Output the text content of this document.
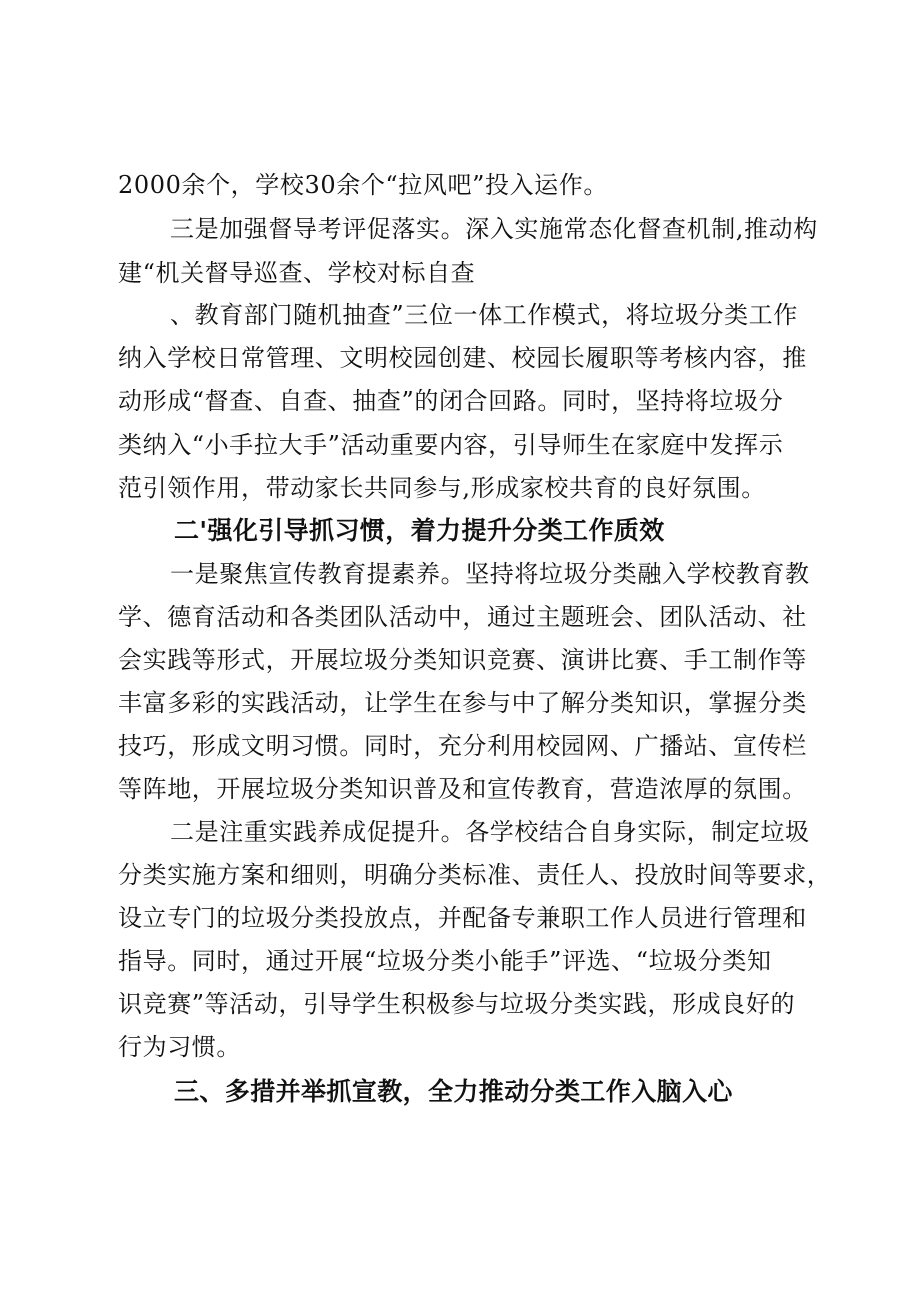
2000余个，学校30余个“拉风吧”投入运作。

三是加强督导考评促落实。深入实施常态化督查机制,推动构

建“机关督导巡查、学校对标自查

、教育部门随机抽查”三位一体工作模式，将垃圾分类工作

纳入学校日常管理、文明校园创建、校园长履职等考核内容，推

动形成“督查、自查、抽查”的闭合回路。同时，坚持将垃圾分

类纳入“小手拉大手”活动重要内容，引导师生在家庭中发挥示

范引领作用，带动家长共同参与,形成家校共育的良好氛围。

二'强化引导抓习惯，着力提升分类工作质效

一是聚焦宣传教育提素养。坚持将垃圾分类融入学校教育教

学、德育活动和各类团队活动中，通过主题班会、团队活动、社

会实践等形式，开展垃圾分类知识竞赛、演讲比赛、手工制作等

丰富多彩的实践活动，让学生在参与中了解分类知识，掌握分类

技巧，形成文明习惯。同时，充分利用校园网、广播站、宣传栏

等阵地，开展垃圾分类知识普及和宣传教育，营造浓厚的氛围。

二是注重实践养成促提升。各学校结合自身实际，制定垃圾

分类实施方案和细则，明确分类标准、责任人、投放时间等要求，

设立专门的垃圾分类投放点，并配备专兼职工作人员进行管理和

指导。同时，通过开展“垃圾分类小能手”评选、“垃圾分类知

识竞赛”等活动，引导学生积极参与垃圾分类实践，形成良好的

行为习惯。

三、多措并举抓宣教，全力推动分类工作入脑入心
